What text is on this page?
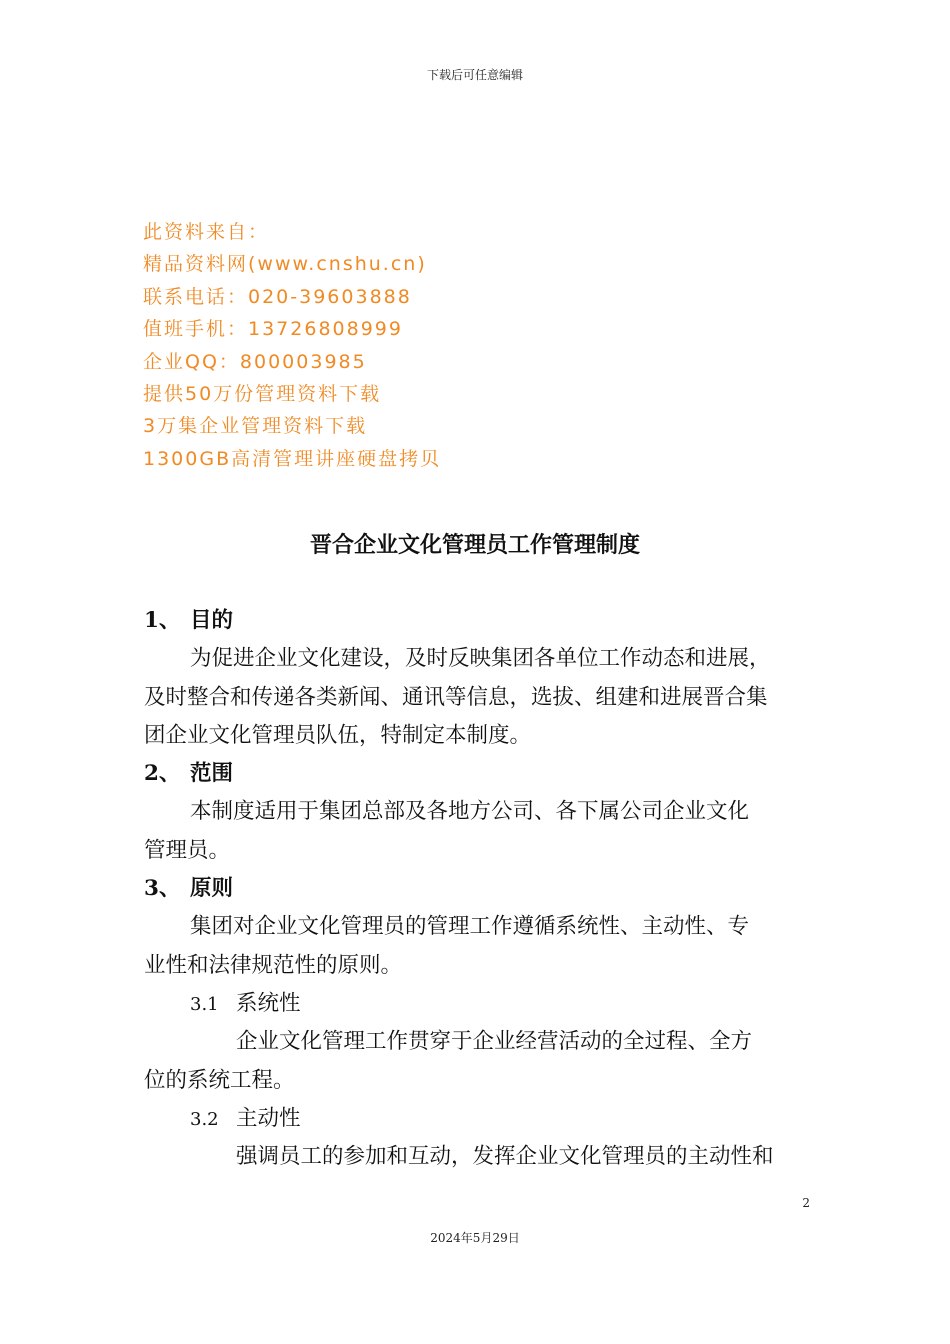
下载后可任意编辑
此资料来自：
精品资料网(www.cnshu.cn)
联系电话：020-39603888
值班手机：13726808999
企业QQ：800003985
提供50万份管理资料下载
3万集企业管理资料下载
1300GB高清管理讲座硬盘拷贝
晋合企业文化管理员工作管理制度
1、 目的
为促进企业文化建设，及时反映集团各单位工作动态和进展，
及时整合和传递各类新闻、通讯等信息，选拔、组建和进展晋合集
团企业文化管理员队伍，特制定本制度。
2、 范围
本制度适用于集团总部及各地方公司、各下属公司企业文化
管理员。
3、 原则
集团对企业文化管理员的管理工作遵循系统性、主动性、专
业性和法律规范性的原则。
3.1 系统性
企业文化管理工作贯穿于企业经营活动的全过程、全方
位的系统工程。
3.2 主动性
强调员工的参加和互动，发挥企业文化管理员的主动性和
2
2024年5月29日
